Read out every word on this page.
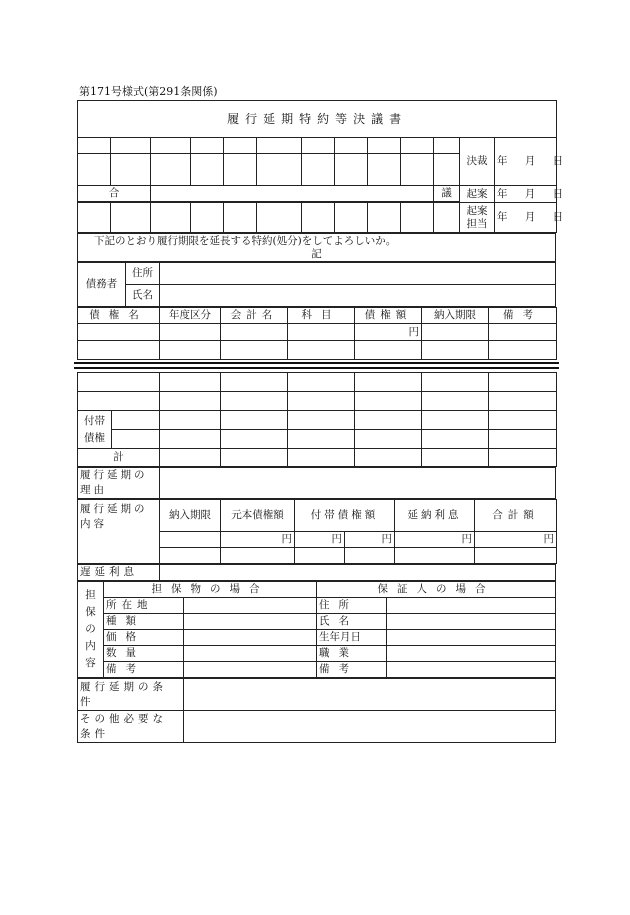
第171号様式(第291条関係)
履行延期特約等決議書												
											決裁	年 月 日

合										議	起案	年 月 日

											起案担当	年 月 日
下記のとおり履行期限を延長する特約(処分)をしてよろしいか。
記
債務者	住所	
	氏名	
債権名	年度区分	会計名	科目	債権額	納入期限	備考
				円		

付帯債権							

計							
履行延期の理由	
履行延期の内容	納入期限	元本債権額	付帯債権額		延納利息	合計額
		円	円	円	円	円

遅延利息	
担保の内容	担保物の場合		保証人の場合	
	所在地		住所	
	種類		氏名	
	価格		生年月日	
	数量		職業	
	備考		備考	
履行延期の条件	
その他必要な条件	
